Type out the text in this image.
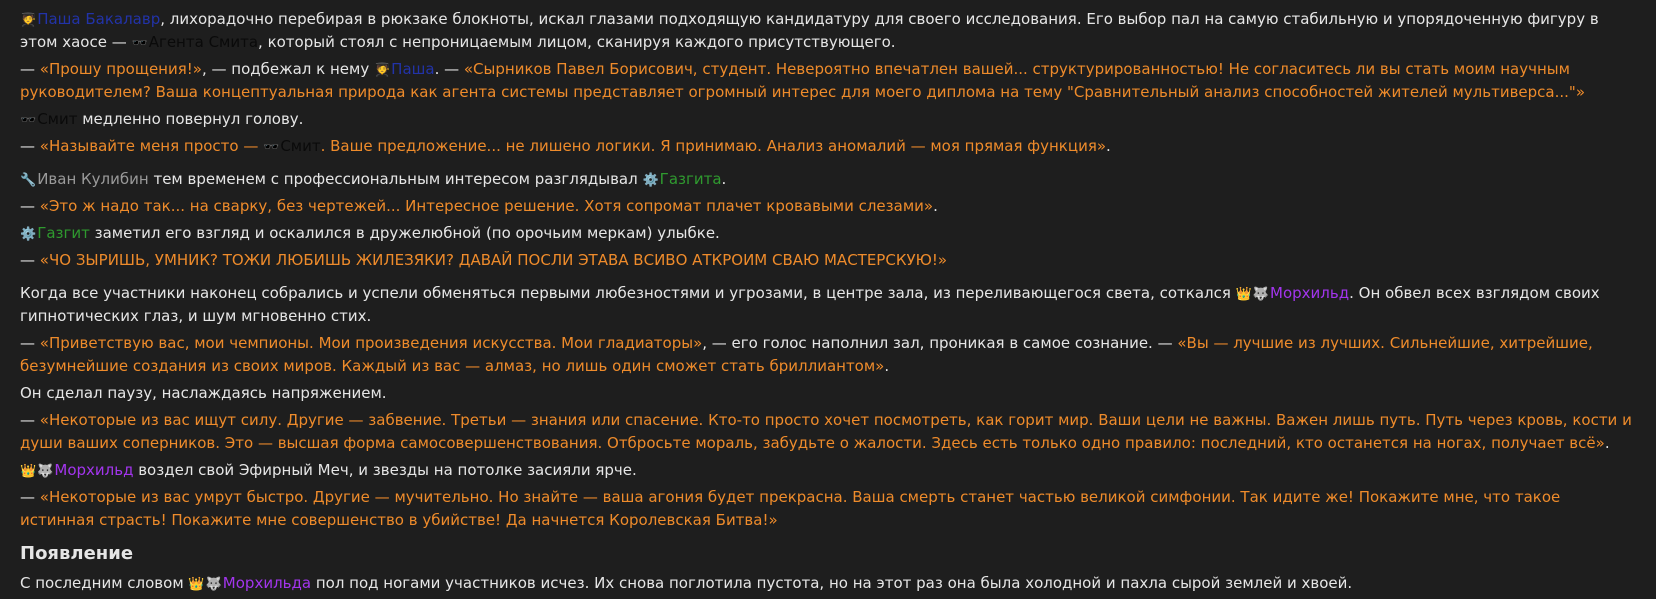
🧑‍🎓Паша Бакалавр, лихорадочно перебирая в рюкзаке блокноты, искал глазами подходящую кандидатуру для своего исследования. Его выбор пал на самую стабильную и упорядоченную фигуру в этом хаосе — 🕶️Агента Смита, который стоял с непроницаемым лицом, сканируя каждого присутствующего.

— «Прошу прощения!», — подбежал к нему 🧑‍🎓Паша. — «Сырников Павел Борисович, студент. Невероятно впечатлен вашей... структурированностью! Не согласитесь ли вы стать моим научным руководителем? Ваша концептуальная природа как агента системы представляет огромный интерес для моего диплома на тему "Сравнительный анализ способностей жителей мультиверса..."»

🕶️Смит медленно повернул голову.

— «Называйте меня просто — 🕶️Смит. Ваше предложение... не лишено логики. Я принимаю. Анализ аномалий — моя прямая функция».

🔧Иван Кулибин тем временем с профессиональным интересом разглядывал ⚙️Газгита.

— «Это ж надо так... на сварку, без чертежей... Интересное решение. Хотя сопромат плачет кровавыми слезами».

⚙️Газгит заметил его взгляд и оскалился в дружелюбной (по орочьим меркам) улыбке.

— «ЧО ЗЫРИШЬ, УМНИК? ТОЖИ ЛЮБИШЬ ЖИЛЕЗЯКИ? ДАВАЙ ПОСЛИ ЭТАВА ВСИВО АТКРОИМ СВАЮ МАСТЕРСКУЮ!»

Когда все участники наконец собрались и успели обменяться первыми любезностями и угрозами, в центре зала, из переливающегося света, соткался 👑🐺Морхильд. Он обвел всех взглядом своих гипнотических глаз, и шум мгновенно стих.

— «Приветствую вас, мои чемпионы. Мои произведения искусства. Мои гладиаторы», — его голос наполнил зал, проникая в самое сознание. — «Вы — лучшие из лучших. Сильнейшие, хитрейшие, безумнейшие создания из своих миров. Каждый из вас — алмаз, но лишь один сможет стать бриллиантом».

Он сделал паузу, наслаждаясь напряжением.

— «Некоторые из вас ищут силу. Другие — забвение. Третьи — знания или спасение. Кто-то просто хочет посмотреть, как горит мир. Ваши цели не важны. Важен лишь путь. Путь через кровь, кости и души ваших соперников. Это — высшая форма самосовершенствования. Отбросьте мораль, забудьте о жалости. Здесь есть только одно правило: последний, кто останется на ногах, получает всё».

👑🐺Морхильд воздел свой Эфирный Меч, и звезды на потолке засияли ярче.

— «Некоторые из вас умрут быстро. Другие — мучительно. Но знайте — ваша агония будет прекрасна. Ваша смерть станет частью великой симфонии. Так идите же! Покажите мне, что такое истинная страсть! Покажите мне совершенство в убийстве! Да начнется Королевская Битва!»

Появление

С последним словом 👑🐺Морхильда пол под ногами участников исчез. Их снова поглотила пустота, но на этот раз она была холодной и пахла сырой землей и хвоей.
